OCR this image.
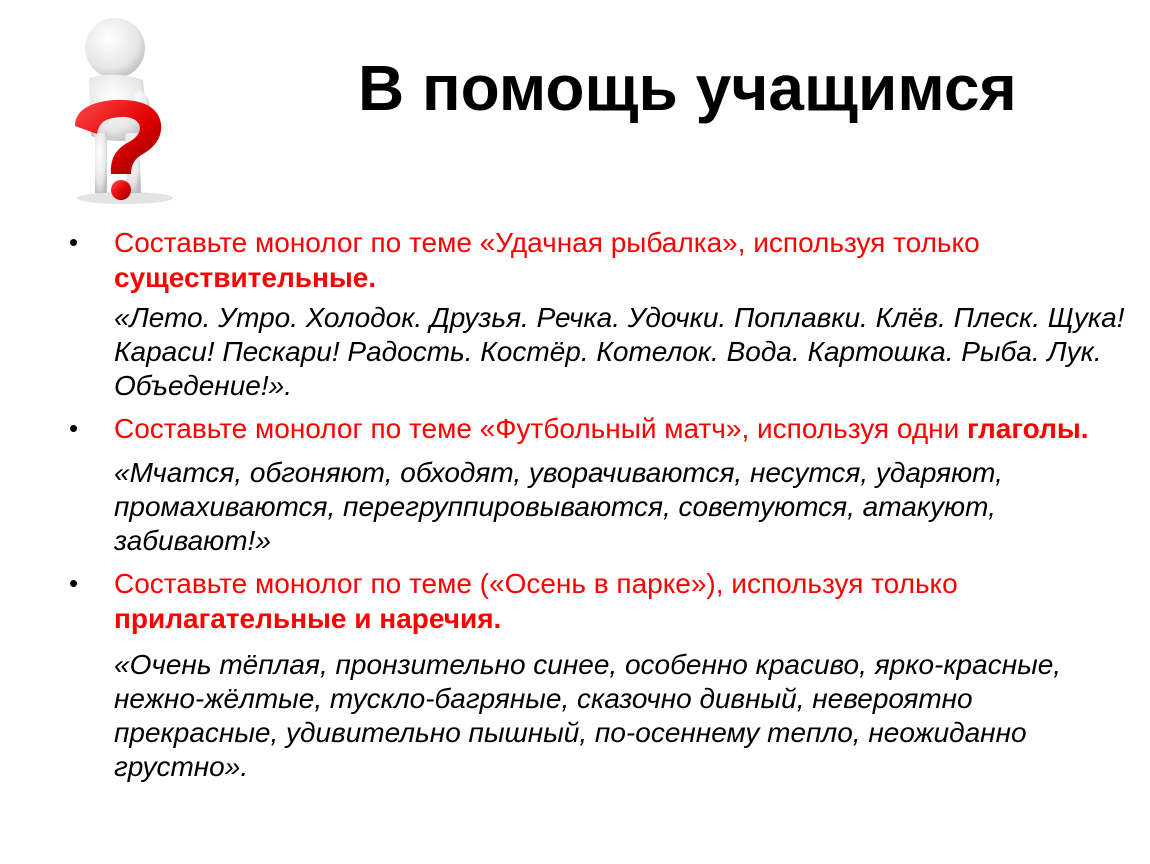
В помощь учащимся
• Составьте монолог по теме «Удачная рыбалка», используя только существительные.
«Лето. Утро. Холодок. Друзья. Речка. Удочки. Поплавки. Клёв. Плеск. Щука! Караси! Пескари! Радость. Костёр. Котелок. Вода. Картошка. Рыба. Лук. Объедение!».
• Составьте монолог по теме «Футбольный матч», используя одни глаголы.
«Мчатся, обгоняют, обходят, уворачиваются, несутся, ударяют, промахиваются, перегруппировываются, советуются, атакуют, забивают!»
• Составьте монолог по теме («Осень в парке»), используя только прилагательные и наречия.
«Очень тёплая, пронзительно синее, особенно красиво, ярко-красные, нежно-жёлтые, тускло-багряные, сказочно дивный, невероятно прекрасные, удивительно пышный, по-осеннему тепло, неожиданно грустно».
